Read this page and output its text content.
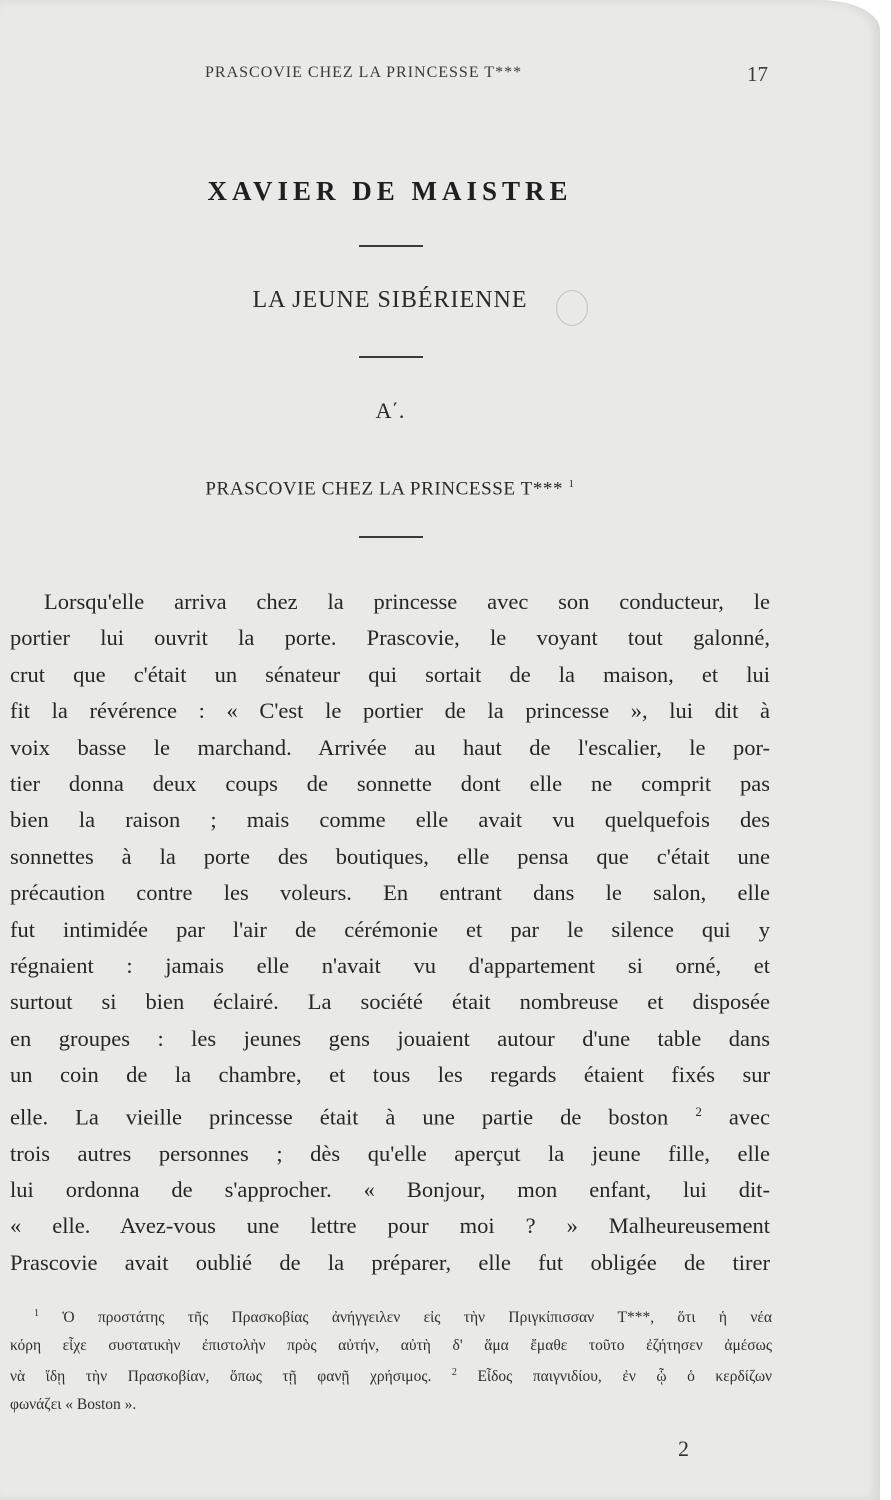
PRASCOVIE CHEZ LA PRINCESSE T***	17
XAVIER DE MAISTRE
LA JEUNE SIBÉRIENNE
Α΄.
PRASCOVIE CHEZ LA PRINCESSE T*** $^1$
Lorsqu'elle arriva chez la princesse avec son conducteur, le
portier lui ouvrit la porte. Prascovie, le voyant tout galonné,
crut que c'était un sénateur qui sortait de la maison, et lui
fit la révérence : « C'est le portier de la princesse », lui dit à
voix basse le marchand. Arrivée au haut de l'escalier, le por-
tier donna deux coups de sonnette dont elle ne comprit pas
bien la raison ; mais comme elle avait vu quelquefois des
sonnettes à la porte des boutiques, elle pensa que c'était une
précaution contre les voleurs. En entrant dans le salon, elle
fut intimidée par l'air de cérémonie et par le silence qui y
régnaient : jamais elle n'avait vu d'appartement si orné, et
surtout si bien éclairé. La société était nombreuse et disposée
en groupes : les jeunes gens jouaient autour d'une table dans
un coin de la chambre, et tous les regards étaient fixés sur
elle. La vieille princesse était à une partie de boston $^2$ avec
trois autres personnes ; dès qu'elle aperçut la jeune fille, elle
lui ordonna de s'approcher. « Bonjour, mon enfant, lui dit-
« elle. Avez-vous une lettre pour moi ? » Malheureusement
Prascovie avait oublié de la préparer, elle fut obligée de tirer
$^1$ Ὁ προστάτης τῆς Πρασκοβίας ἀνήγγειλεν εἰς τὴν Πριγκίπισσαν T***, ὅτι ἡ νέα
κόρη εἶχε συστατικὴν ἐπιστολὴν πρὸς αὐτήν, αὐτὴ δ' ἅμα ἔμαθε τοῦτο ἐζήτησεν ἀμέσως
νὰ ἴδῃ τὴν Πρασκοβίαν, ὅπως τῇ φανῇ χρήσιμος. $^2$ Εἶδος παιγνιδίου, ἐν ᾧ ὁ κερδίζων
φωνάζει « Boston ».
2
